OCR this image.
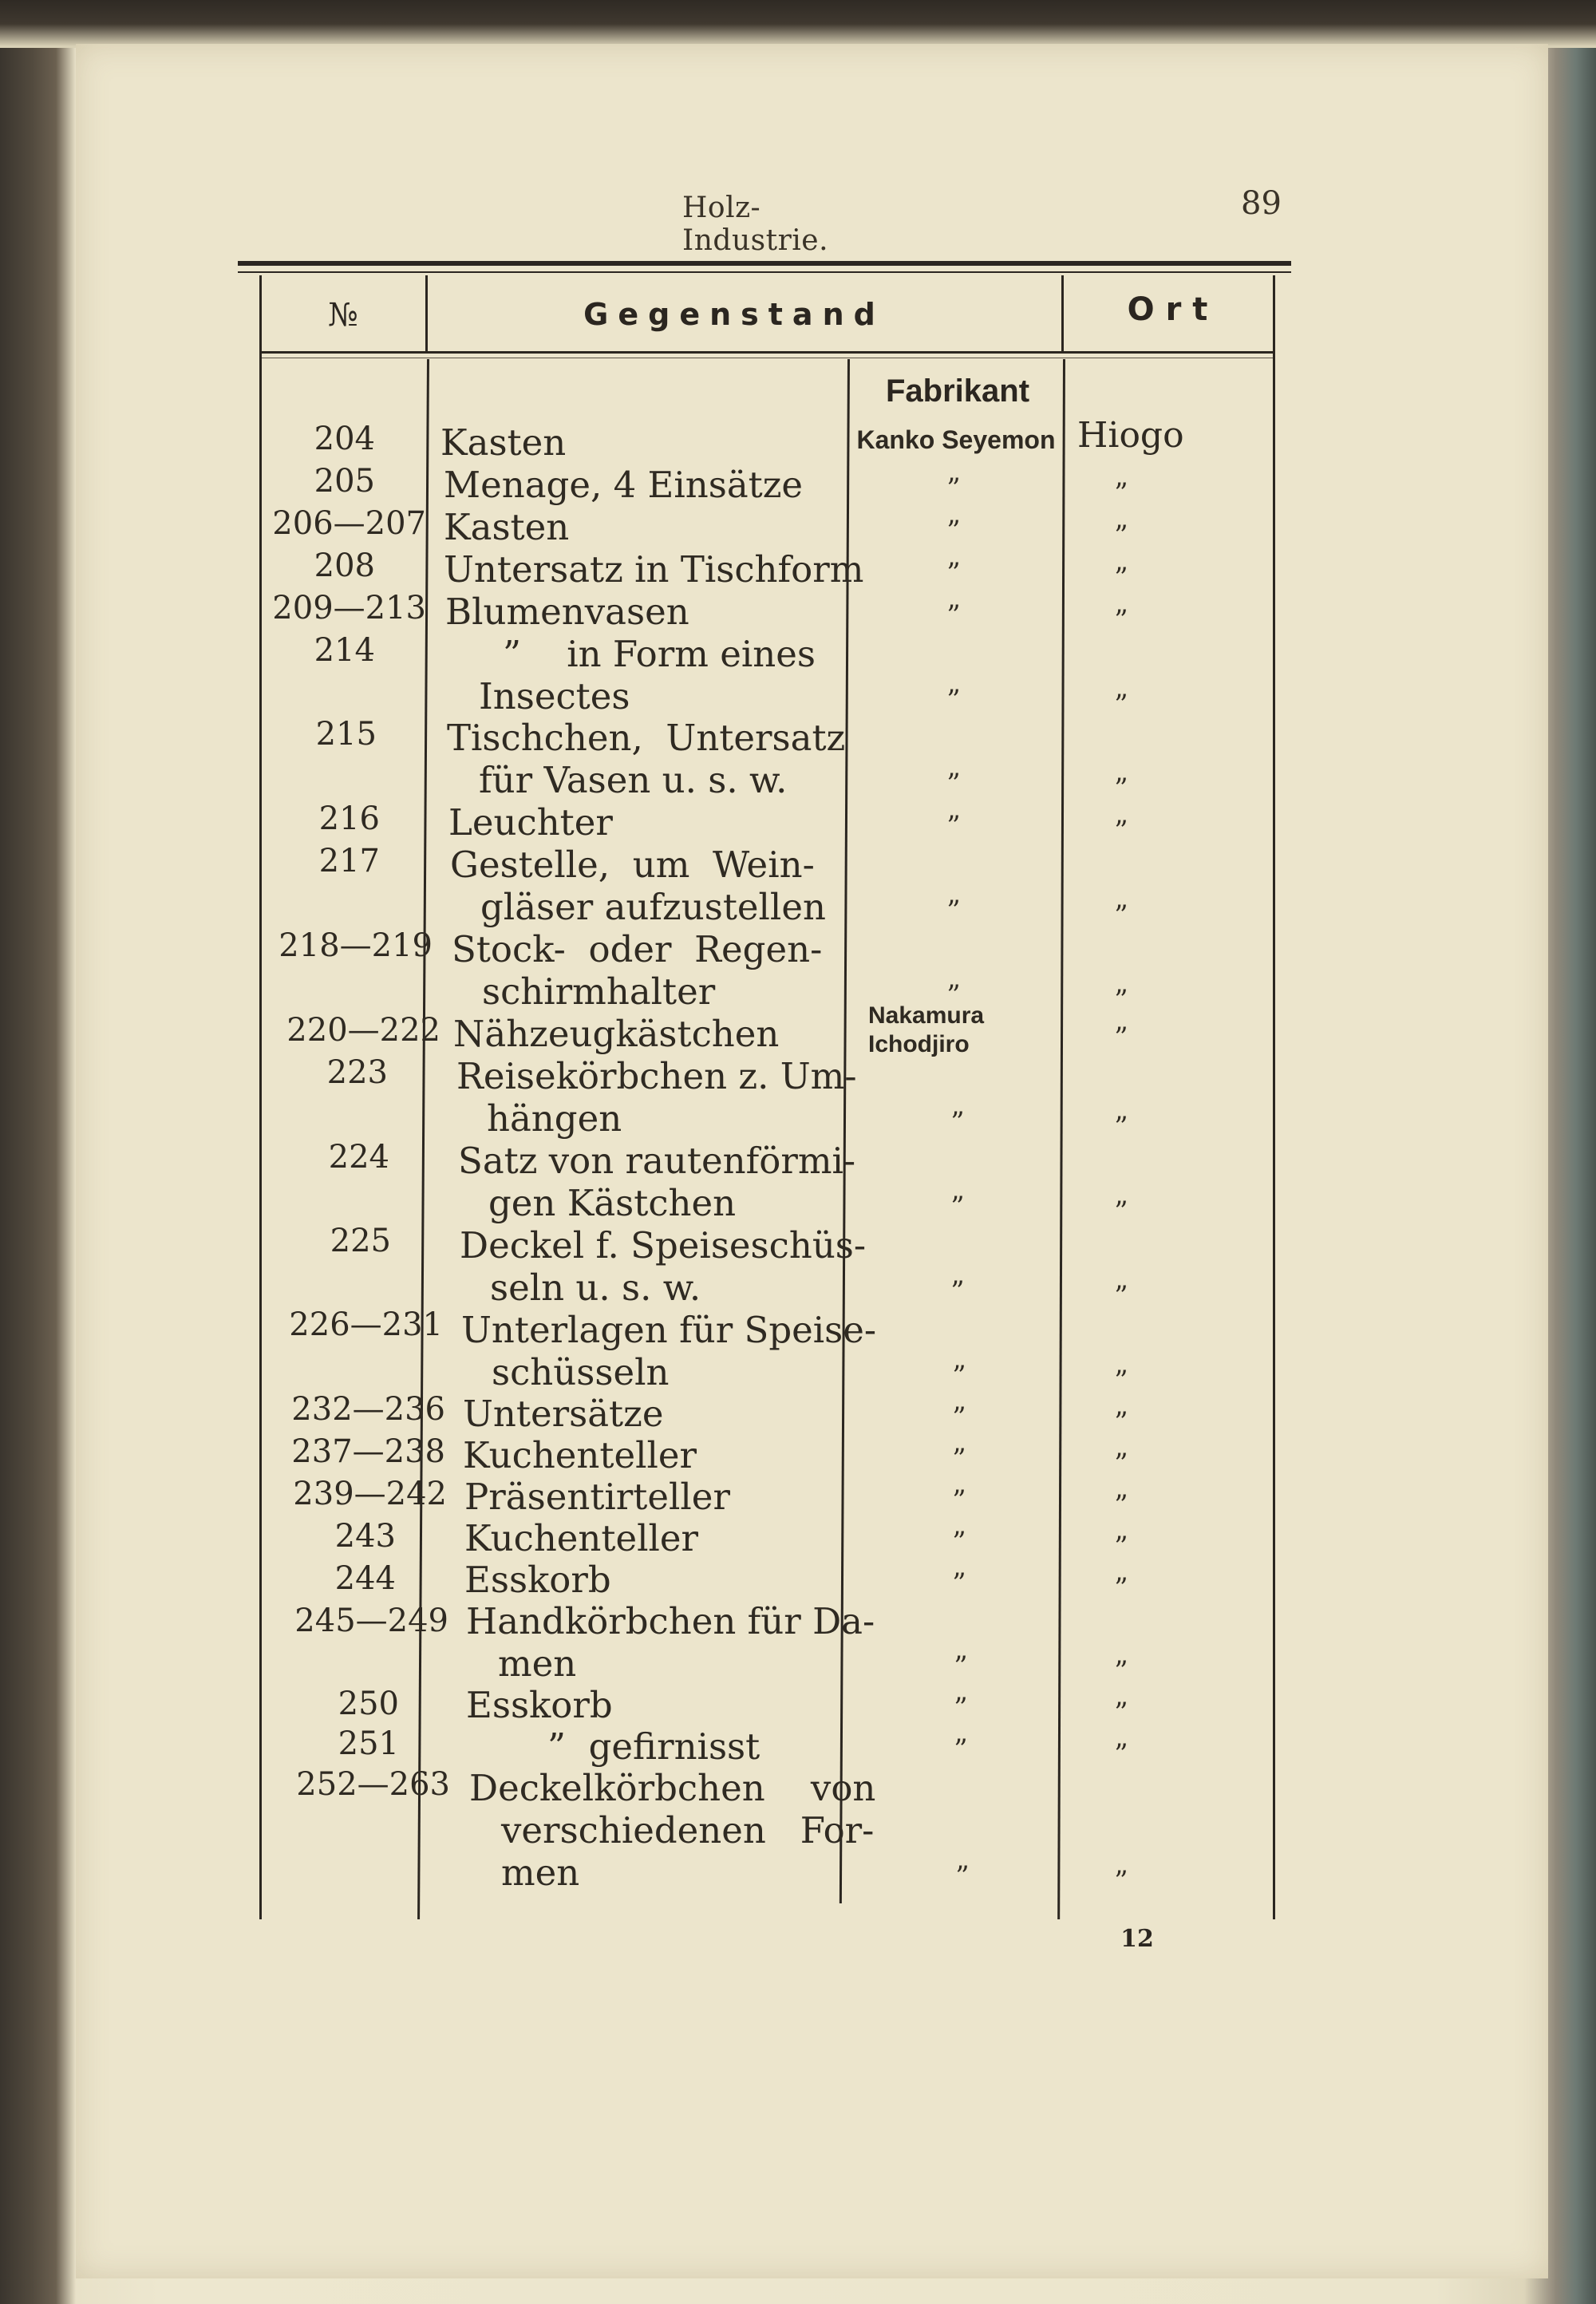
Holz-Industrie.
89
№	Gegenstand	Ort
Fabrikant
204
205
206—207
208
209—213
214
215
216
217
218—219
220—222
223
224
225
226—231
232—236
237—238
239—242
243
244
245—249
250
251
252—263
Kasten
Menage, 4 Einsätze
Kasten
Untersatz in Tischform
Blumenvasen
”    in Form eines
Insectes
Tischchen,  Untersatz
für Vasen u. s. w.
Leuchter
Gestelle,  um  Wein-
gläser aufzustellen
Stock-  oder  Regen-
schirmhalter
Nähzeugkästchen
Reisekörbchen z. Um-
hängen
Satz von rautenförmi-
gen Kästchen
Deckel f. Speiseschüs-
seln u. s. w.
Unterlagen für Speise-
schüsseln
Untersätze
Kuchenteller
Präsentirteller
Kuchenteller
Esskorb
Handkörbchen für Da-
men
Esskorb
”  gefirnisst
Deckelkörbchen    von
verschiedenen   For-
men
Kanko Seyemon
Nakamura
Ichodjiro
”
”
”
”
”
”
”
”
”
”
”
”
”
”
”
”
”
”
”
”
”
”
Hiogo
”
”
”
”
”
”
”
”
”
”
”
”
”
”
”
”
”
”
”
”
”
”
”
12
